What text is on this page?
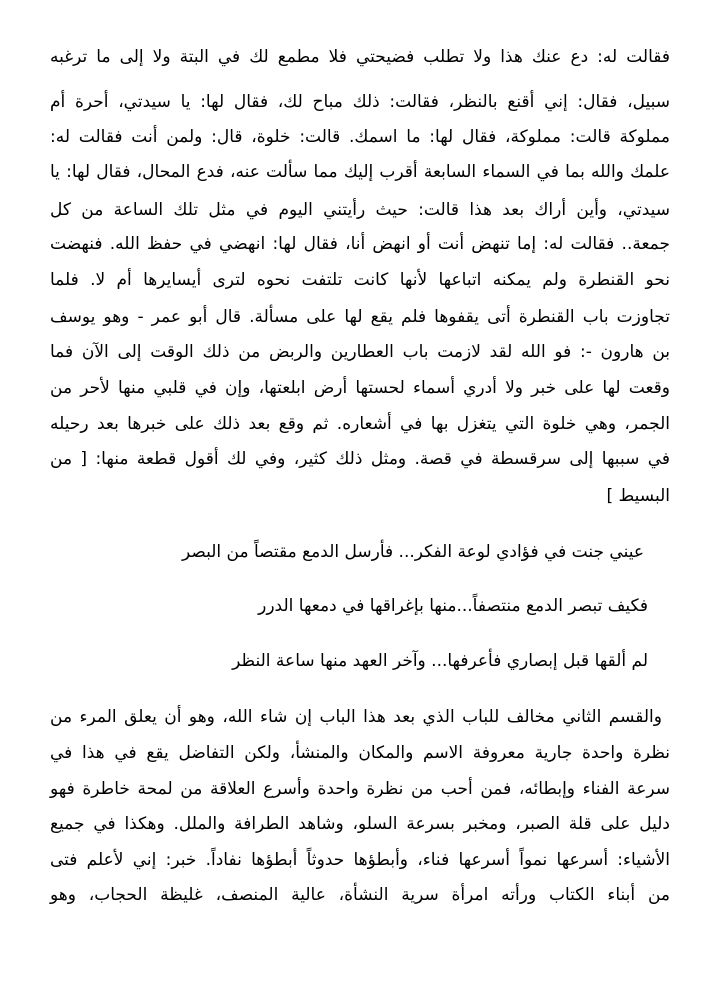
فقالت له: دع عنك هذا ولا تطلب فضيحتي فلا مطمع لك في البتة ولا إلى ما ترغبه
سبيل، فقال: إني أقنع بالنظر، فقالت: ذلك مباح لك، فقال لها: يا سيدتي، أحرة أم
مملوكة قالت: مملوكة، فقال لها: ما اسمك. قالت: خلوة، قال: ولمن أنت فقالت له:
علمك والله بما في السماء السابعة أقرب إليك مما سألت عنه، فدع المحال، فقال لها: يا
سيدتي، وأين أراك بعد هذا قالت: حيث رأيتني اليوم في مثل تلك الساعة من كل
جمعة.. فقالت له: إما تنهض أنت أو انهض أنا، فقال لها: انهضي في حفظ الله. فنهضت
نحو القنطرة ولم يمكنه اتباعها لأنها كانت تلتفت نحوه لترى أيسايرها أم لا. فلما
تجاوزت باب القنطرة أتى يقفوها فلم يقع لها على مسألة. قال أبو عمر - وهو يوسف
بن هارون -: فو الله لقد لازمت باب العطارين والربض من ذلك الوقت إلى الآن فما
وقعت لها على خبر ولا أدري أسماء لحستها أرض ابلعتها، وإن في قلبي منها لأحر من
الجمر، وهي خلوة التي يتغزل بها في أشعاره. ثم وقع بعد ذلك على خبرها بعد رحيله
في سببها إلى سرقسطة في قصة. ومثل ذلك كثير، وفي لك أقول قطعة منها: [ من
البسيط ]
عيني جنت في فؤادي لوعة الفكر... فأرسل الدمع مقتصاً من البصر
فكيف تبصر الدمع منتصفاً...منها بإغراقها في دمعها الدرر
لم ألقها قبل إبصاري فأعرفها... وآخر العهد منها ساعة النظر
والقسم الثاني مخالف للباب الذي بعد هذا الباب إن شاء الله، وهو أن يعلق المرء من
نظرة واحدة جارية معروفة الاسم والمكان والمنشأ، ولكن التفاضل يقع في هذا في
سرعة الفناء وإبطائه، فمن أحب من نظرة واحدة وأسرع العلاقة من لمحة خاطرة فهو
دليل على قلة الصبر، ومخبر بسرعة السلو، وشاهد الطرافة والملل. وهكذا في جميع
الأشياء: أسرعها نمواً أسرعها فناء، وأبطؤها حدوثاً أبطؤها نفاداً. خبر: إني لأعلم فتى
من أبناء الكتاب ورأته امرأة سرية النشأة، عالية المنصف، غليظة الحجاب، وهو
